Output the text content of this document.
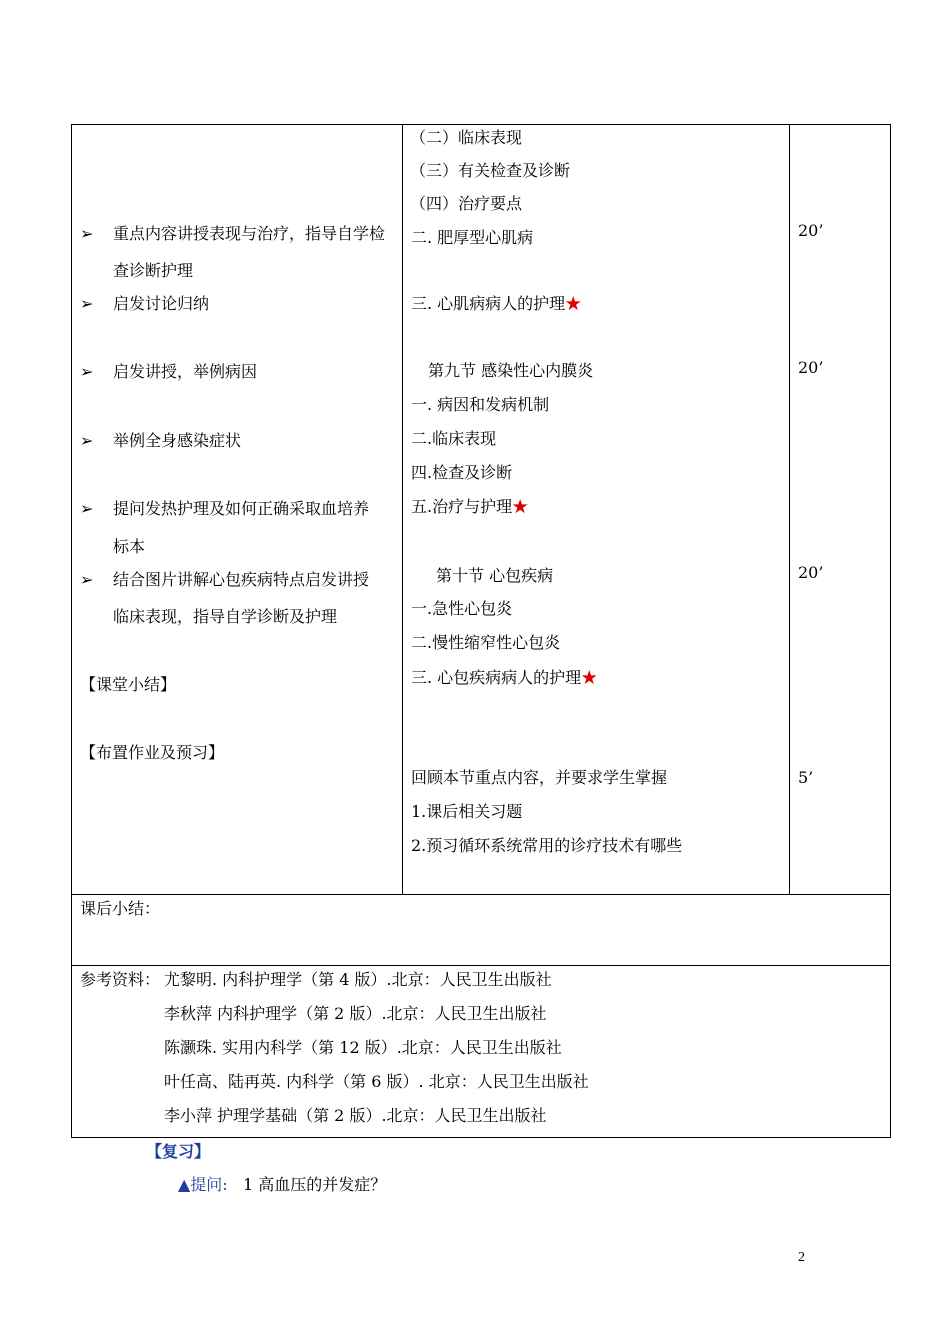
➢ 重点内容讲授表现与治疗，指导自学检
查诊断护理
➢ 启发讨论归纳
➢ 启发讲授，举例病因
➢ 举例全身感染症状
➢ 提问发热护理及如何正确采取血培养
标本
➢ 结合图片讲解心包疾病特点启发讲授
临床表现，指导自学诊断及护理
【课堂小结】
【布置作业及预习】
（二）临床表现
（三）有关检查及诊断
（四）治疗要点
二. 肥厚型心肌病
三. 心肌病病人的护理★
第九节 感染性心内膜炎
一. 病因和发病机制
二.临床表现
四.检查及诊断
五.治疗与护理★
第十节 心包疾病
一.急性心包炎
二.慢性缩窄性心包炎
三. 心包疾病病人的护理★
回顾本节重点内容，并要求学生掌握
1.课后相关习题
2.预习循环系统常用的诊疗技术有哪些
20’
20’
20’
5’
课后小结：
参考资料： 尤黎明. 内科护理学（第 4 版）.北京：人民卫生出版社
李秋萍 内科护理学（第 2 版）.北京：人民卫生出版社
陈灏珠. 实用内科学（第 12 版）.北京：人民卫生出版社
叶任高、陆再英. 内科学（第 6 版）. 北京：人民卫生出版社
李小萍 护理学基础（第 2 版）.北京：人民卫生出版社
【复习】
▲提问: 1 高血压的并发症？
2
